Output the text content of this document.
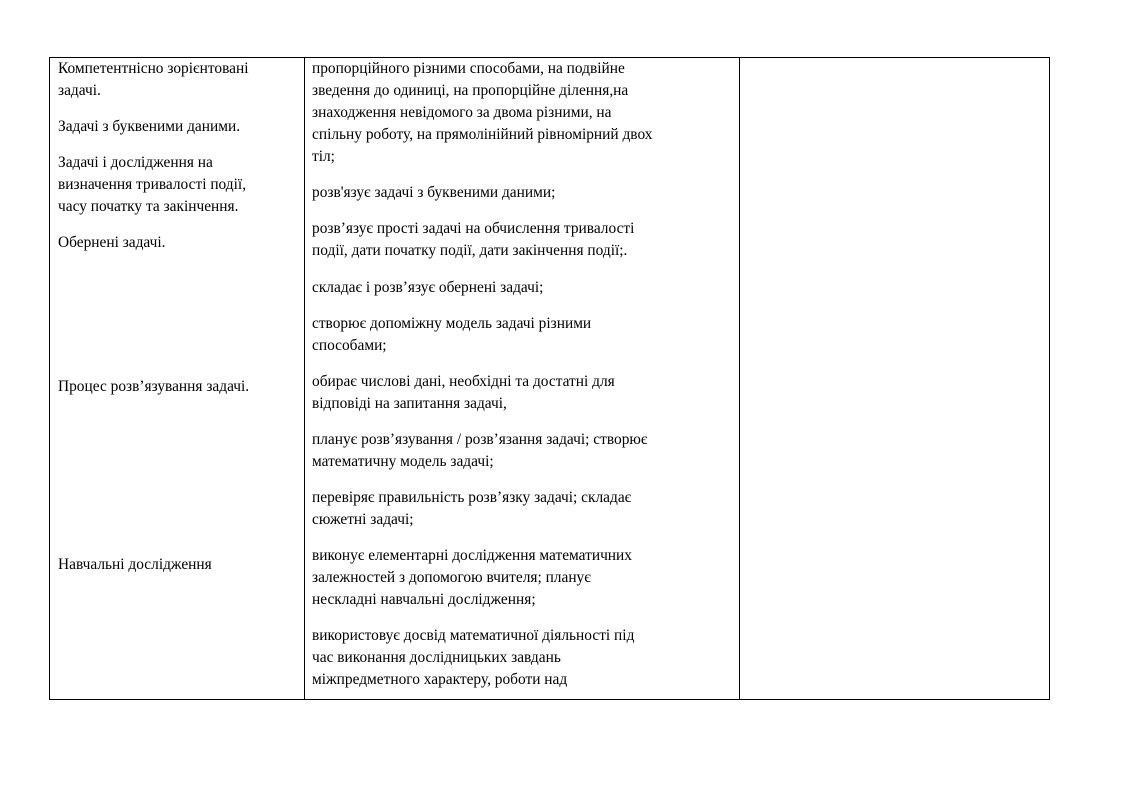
Компетентнісно зорієнтовані
задачі.

Задачі з буквеними даними.

Задачі і дослідження на
визначення тривалості події,
часу початку та закінчення.

Обернені задачі.

Процес розв’язування задачі.

Навчальні дослідження

пропорційного різними способами, на подвійне
зведення до одиниці, на пропорційне ділення,на
знаходження невідомого за двома різними, на
спільну роботу, на прямолінійний рівномірний двох
тіл;

розв'язує задачі з буквеними даними;

розв’язує прості задачі на обчислення тривалості
події, дати початку події, дати закінчення події;.

складає і розв’язує обернені задачі;

створює допоміжну модель задачі різними
способами;

обирає числові дані, необхідні та достатні для
відповіді на запитання задачі,

планує розв’язування / розв’язання задачі; створює
математичну модель задачі;

перевіряє правильність розв’язку задачі; складає
сюжетні задачі;

виконує елементарні дослідження математичних
залежностей з допомогою вчителя; планує
нескладні навчальні дослідження;

використовує досвід математичної діяльності під
час виконання дослідницьких завдань
міжпредметного характеру, роботи над
